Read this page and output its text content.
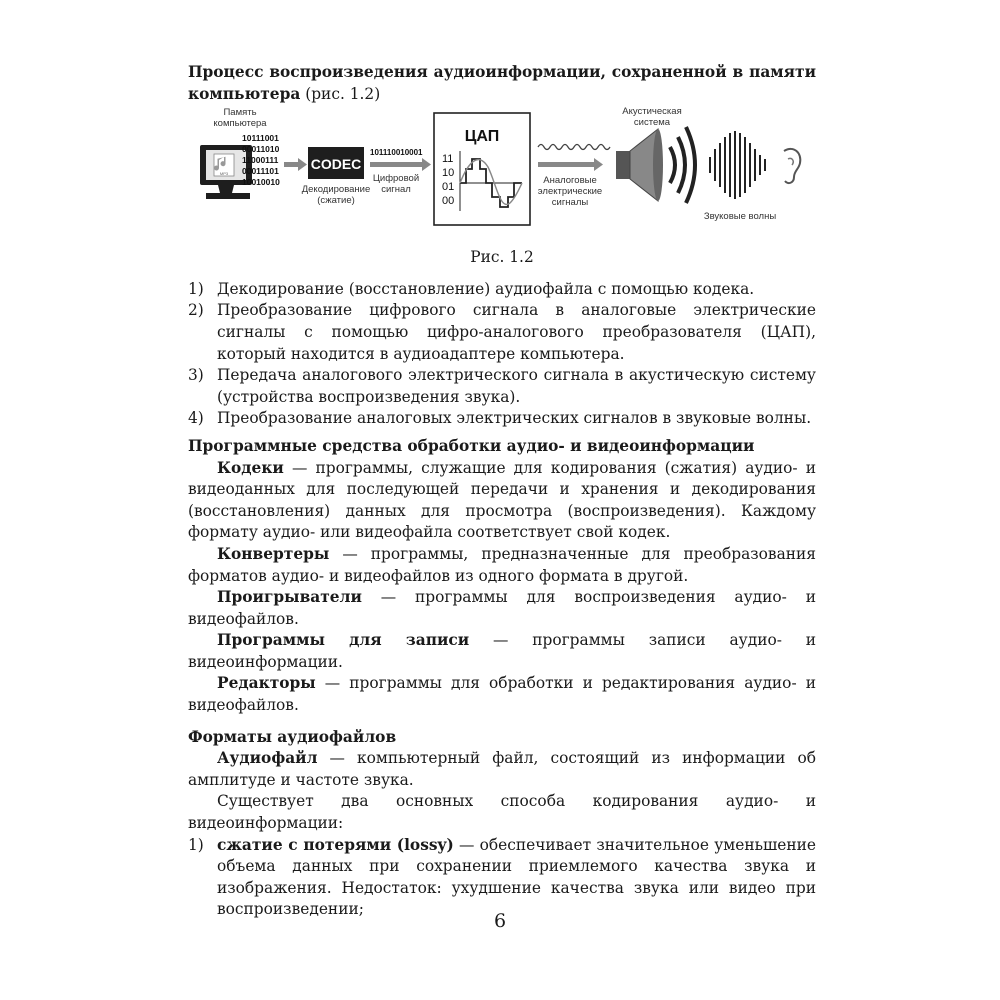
Процесс воспроизведения аудиоинформации, сохраненной в памяти компьютера (рис. 1.2)

Память
компьютера
MP3
10111001
00011010
11000111
00011101
10010010
CODEC
Декодирование
(сжатие)
101110010001
Цифровой
сигнал
ЦАП
11
10
01
00
Аналоговые
электрические
сигналы
Акустическая
система
Звуковые волны

Рис. 1.2

1) Декодирование (восстановление) аудиофайла с помощью кодека.
2) Преобразование цифрового сигнала в аналоговые электрические сигналы с помощью цифро-аналогового преобразователя (ЦАП), который находится в аудиоадаптере компьютера.
3) Передача аналогового электрического сигнала в акустическую систему (устройства воспроизведения звука).
4) Преобразование аналоговых электрических сигналов в звуковые волны.

Программные средства обработки аудио- и видеоинформации

Кодеки — программы, служащие для кодирования (сжатия) аудио- и видеоданных для последующей передачи и хранения и декодирования (восстановления) данных для просмотра (воспроизведения). Каждому формату аудио- или видеофайла соответствует свой кодек.

Конвертеры — программы, предназначенные для преобразования форматов аудио- и видеофайлов из одного формата в другой.

Проигрыватели — программы для воспроизведения аудио- и видеофайлов.

Программы для записи — программы записи аудио- и видеоинформации.

Редакторы — программы для обработки и редактирования аудио- и видеофайлов.

Форматы аудиофайлов

Аудиофайл — компьютерный файл, состоящий из информации об амплитуде и частоте звука.

Существует два основных способа кодирования аудио- и видеоинформации:

1) сжатие с потерями (lossy) — обеспечивает значительное уменьшение объема данных при сохранении приемлемого качества звука и изображения. Недостаток: ухудшение качества звука или видео при воспроизведении;
6
